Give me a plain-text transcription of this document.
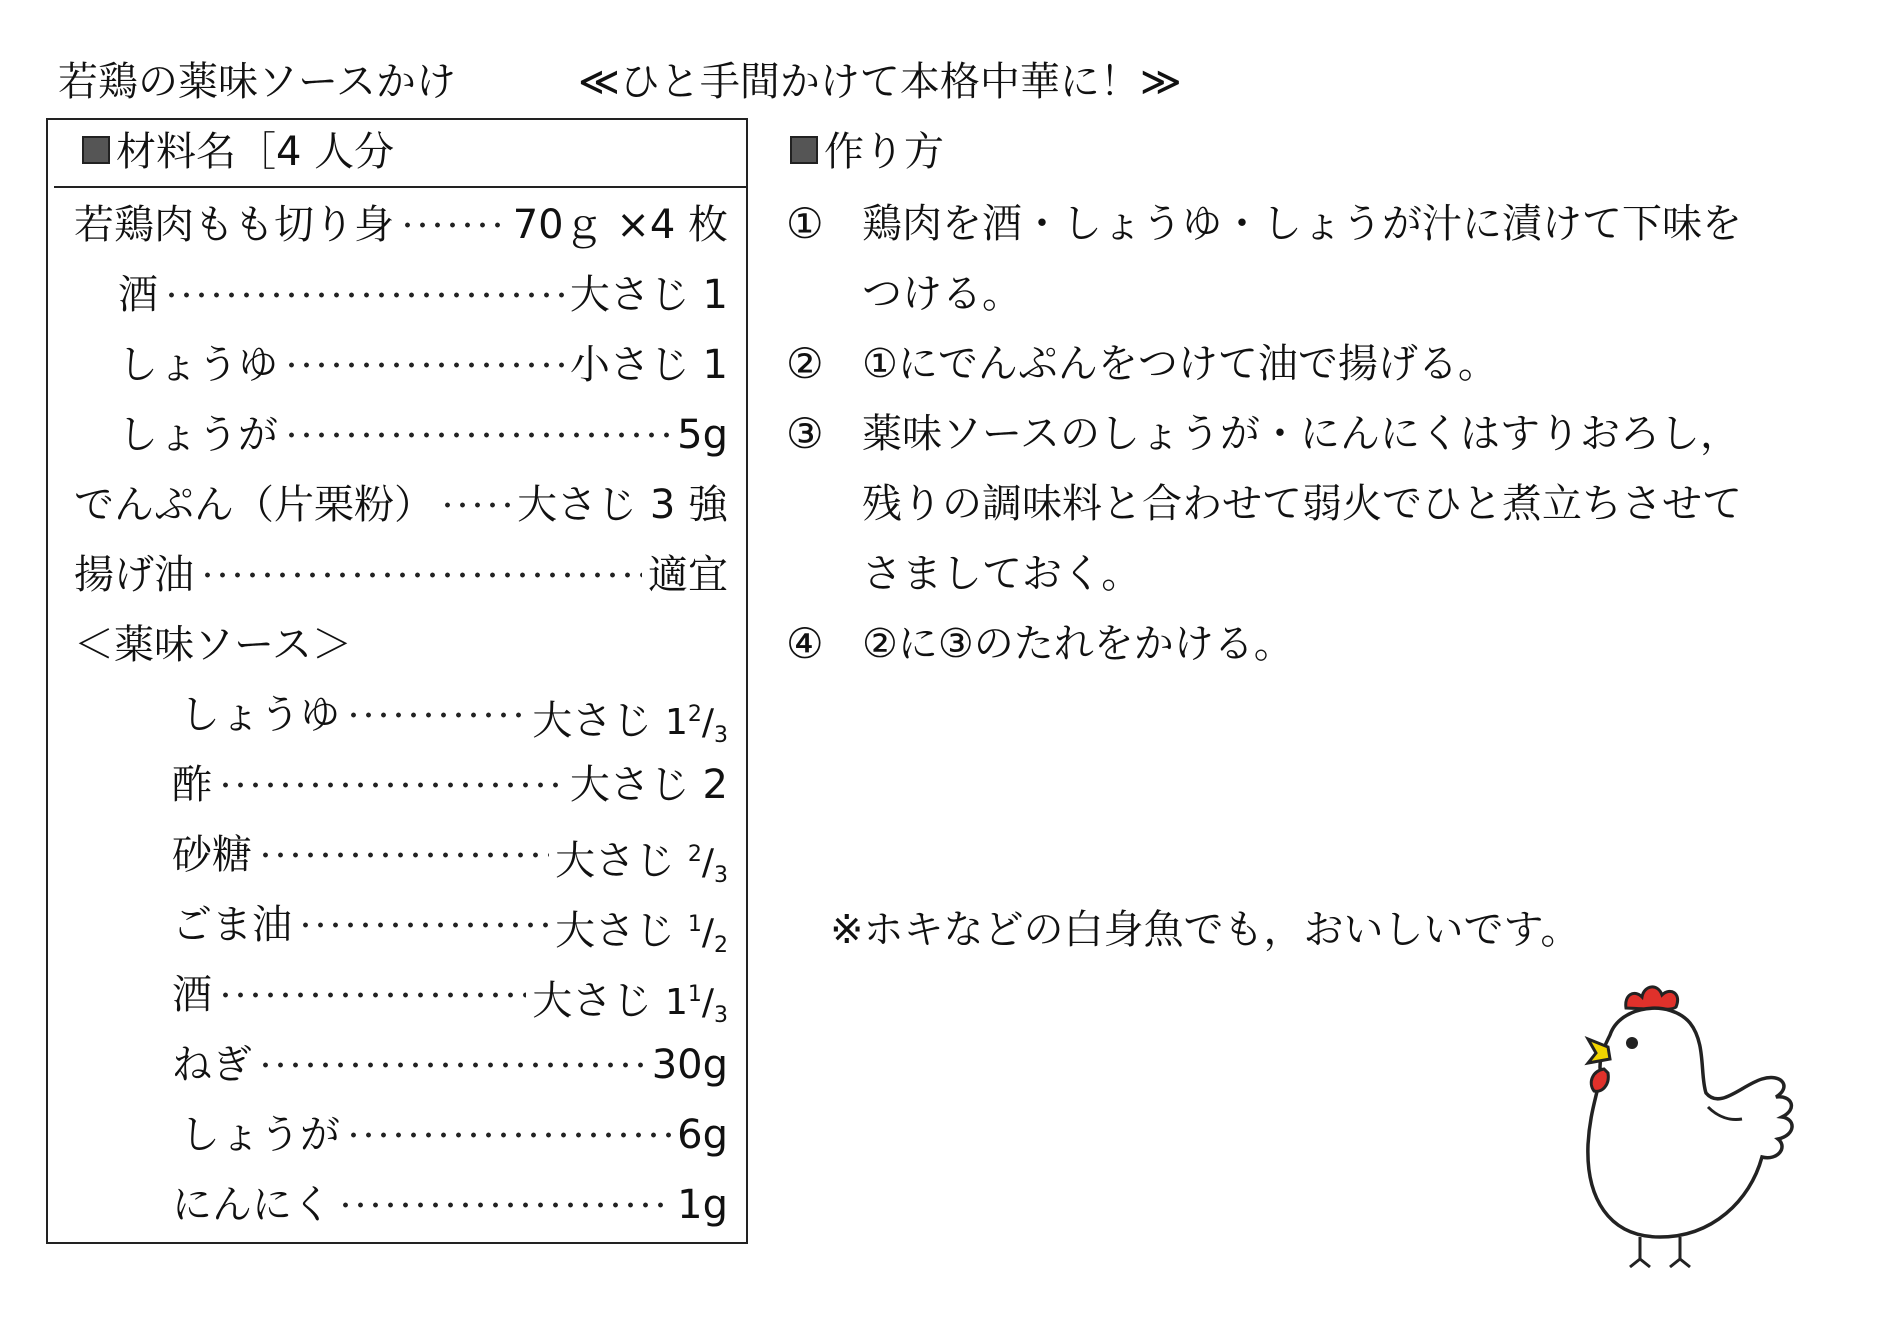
若鶏の薬味ソースかけ	≪ひと手間かけて本格中華に！≫
材料名［4 人分
若鶏肉もも切り身	70ｇ ×4 枚
酒	大さじ 1
しょうゆ	小さじ 1
しょうが	5g
でんぷん（片栗粉） 大さじ 3 強
揚げ油	適宜
＜薬味ソース＞
しょうゆ	大さじ $1^2/_3$
酢	大さじ 2
砂糖	大さじ $^2/_3$
ごま油	大さじ $^1/_2$
酒	大さじ $1^1/_3$
ねぎ	30g
しょうが	6g
にんにく	1g
作り方
① 鶏肉を酒・しょうゆ・しょうが汁に漬けて下味を
つける。
② ①にでんぷんをつけて油で揚げる。
③ 薬味ソースのしょうが・にんにくはすりおろし，
残りの調味料と合わせて弱火でひと煮立ちさせて
さましておく。
④ ②に③のたれをかける。
※ホキなどの白身魚でも，おいしいです。
